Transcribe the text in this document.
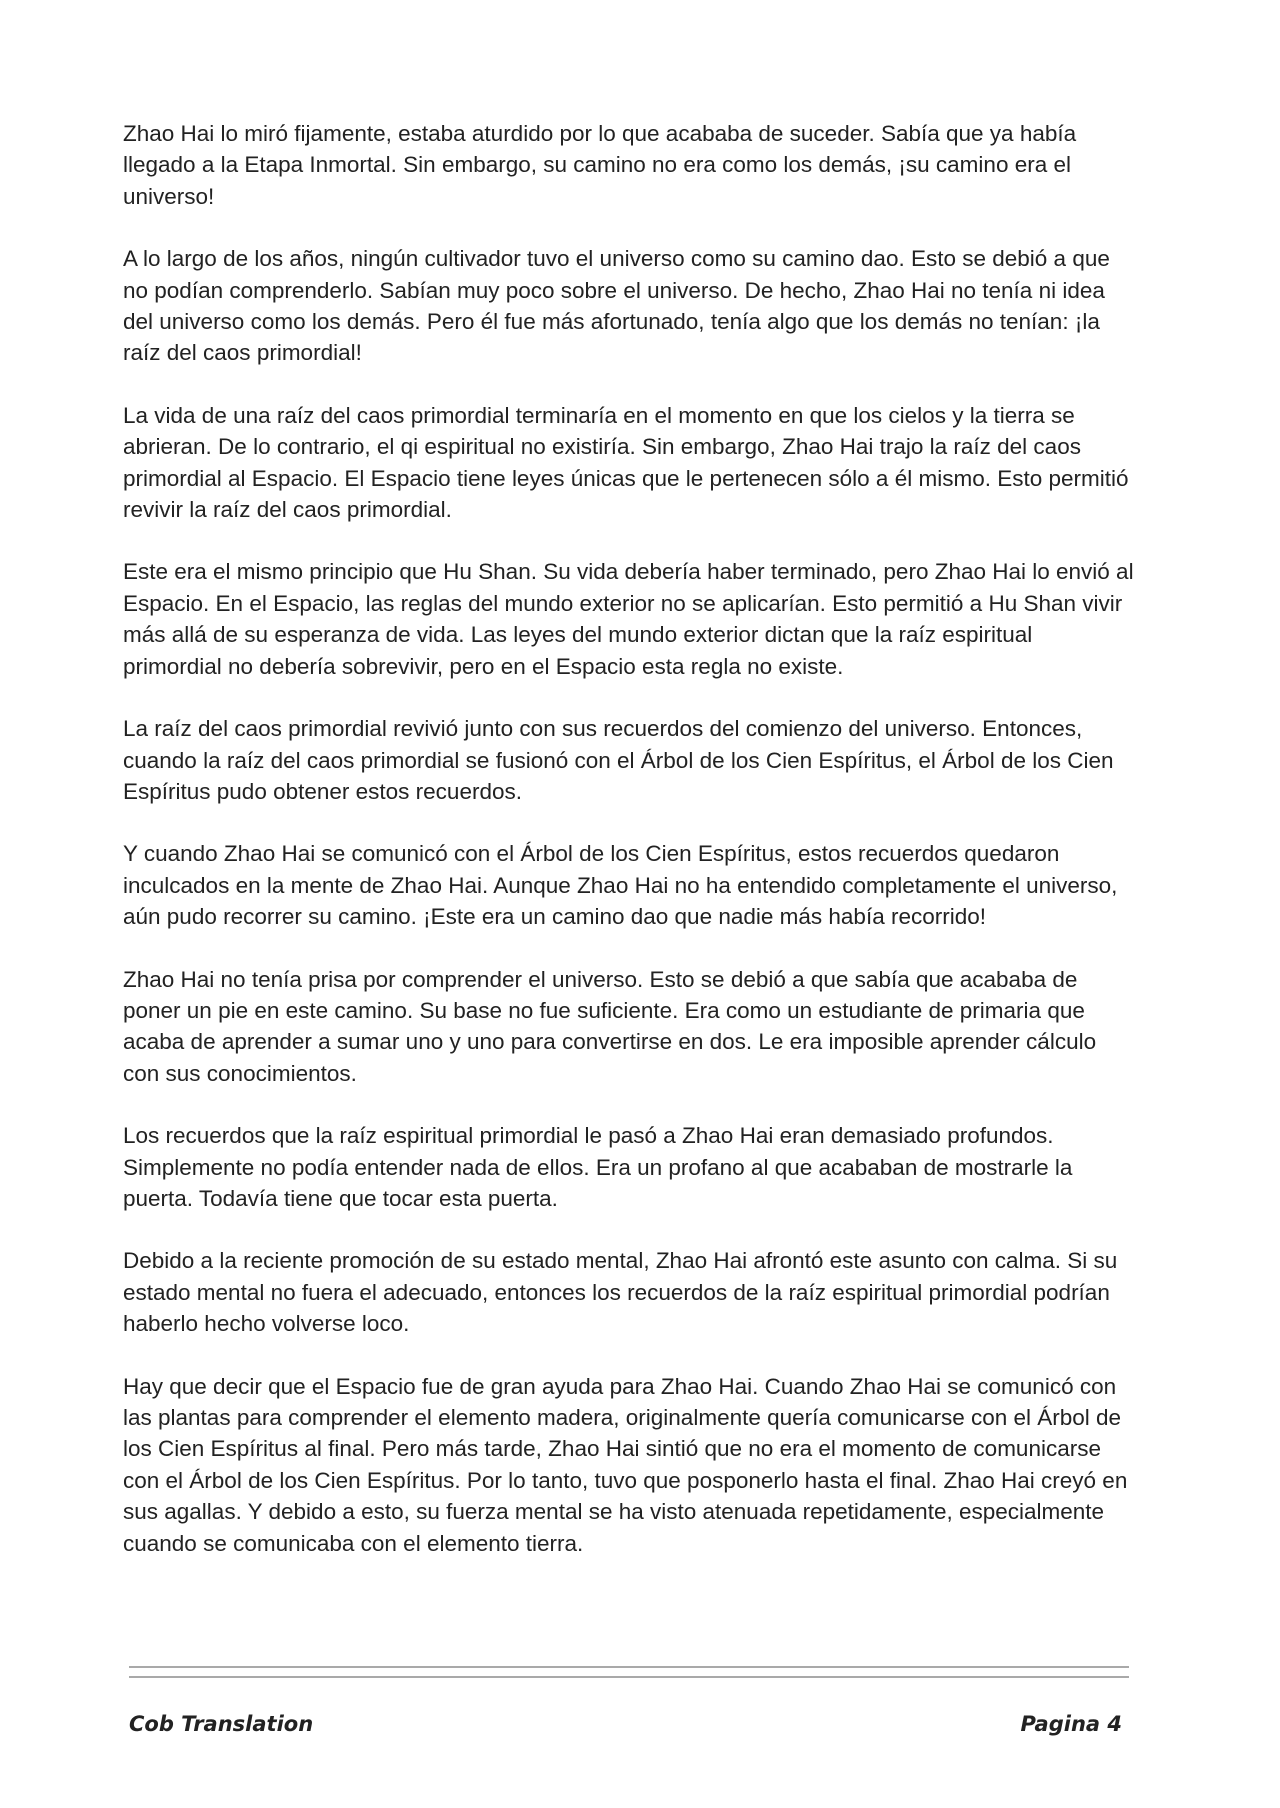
Zhao Hai lo miró fijamente, estaba aturdido por lo que acababa de suceder. Sabía que ya había llegado a la Etapa Inmortal. Sin embargo, su camino no era como los demás, ¡su camino era el universo!

A lo largo de los años, ningún cultivador tuvo el universo como su camino dao. Esto se debió a que no podían comprenderlo. Sabían muy poco sobre el universo. De hecho, Zhao Hai no tenía ni idea del universo como los demás. Pero él fue más afortunado, tenía algo que los demás no tenían: ¡la raíz del caos primordial!

La vida de una raíz del caos primordial terminaría en el momento en que los cielos y la tierra se abrieran. De lo contrario, el qi espiritual no existiría. Sin embargo, Zhao Hai trajo la raíz del caos primordial al Espacio. El Espacio tiene leyes únicas que le pertenecen sólo a él mismo. Esto permitió revivir la raíz del caos primordial.

Este era el mismo principio que Hu Shan. Su vida debería haber terminado, pero Zhao Hai lo envió al Espacio. En el Espacio, las reglas del mundo exterior no se aplicarían. Esto permitió a Hu Shan vivir más allá de su esperanza de vida. Las leyes del mundo exterior dictan que la raíz espiritual primordial no debería sobrevivir, pero en el Espacio esta regla no existe.

La raíz del caos primordial revivió junto con sus recuerdos del comienzo del universo. Entonces, cuando la raíz del caos primordial se fusionó con el Árbol de los Cien Espíritus, el Árbol de los Cien Espíritus pudo obtener estos recuerdos.

Y cuando Zhao Hai se comunicó con el Árbol de los Cien Espíritus, estos recuerdos quedaron inculcados en la mente de Zhao Hai. Aunque Zhao Hai no ha entendido completamente el universo, aún pudo recorrer su camino. ¡Este era un camino dao que nadie más había recorrido!

Zhao Hai no tenía prisa por comprender el universo. Esto se debió a que sabía que acababa de poner un pie en este camino. Su base no fue suficiente. Era como un estudiante de primaria que acaba de aprender a sumar uno y uno para convertirse en dos. Le era imposible aprender cálculo con sus conocimientos.

Los recuerdos que la raíz espiritual primordial le pasó a Zhao Hai eran demasiado profundos. Simplemente no podía entender nada de ellos. Era un profano al que acababan de mostrarle la puerta. Todavía tiene que tocar esta puerta.

Debido a la reciente promoción de su estado mental, Zhao Hai afrontó este asunto con calma. Si su estado mental no fuera el adecuado, entonces los recuerdos de la raíz espiritual primordial podrían haberlo hecho volverse loco.

Hay que decir que el Espacio fue de gran ayuda para Zhao Hai. Cuando Zhao Hai se comunicó con las plantas para comprender el elemento madera, originalmente quería comunicarse con el Árbol de los Cien Espíritus al final. Pero más tarde, Zhao Hai sintió que no era el momento de comunicarse con el Árbol de los Cien Espíritus. Por lo tanto, tuvo que posponerlo hasta el final. Zhao Hai creyó en sus agallas. Y debido a esto, su fuerza mental se ha visto atenuada repetidamente, especialmente cuando se comunicaba con el elemento tierra.

Cob Translation	Pagina 4
